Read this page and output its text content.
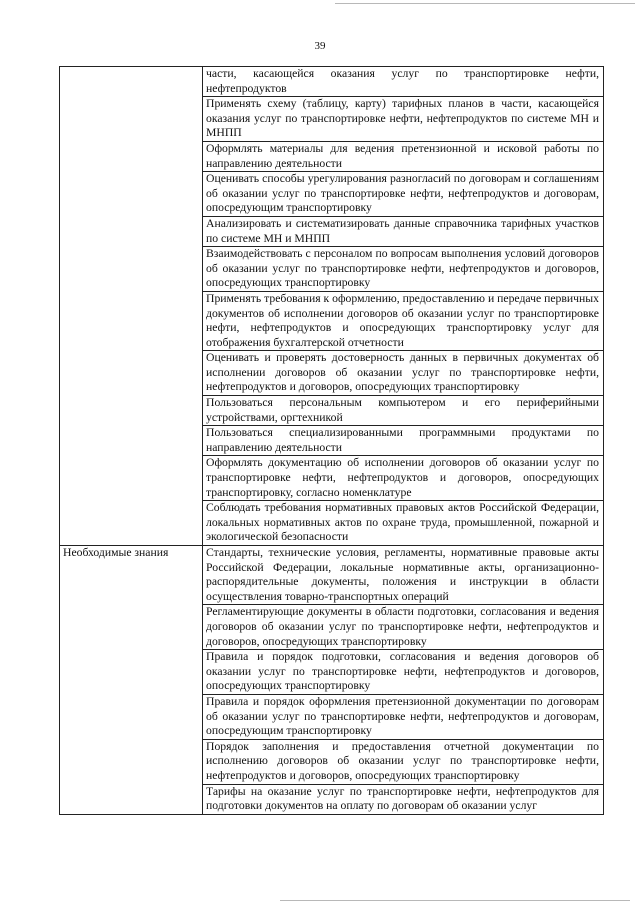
39

	части, касающейся оказания услуг по транспортировке нефти, нефтепродуктов

	Применять схему (таблицу, карту) тарифных планов в части, касающейся оказания услуг по транспортировке нефти, нефтепродуктов по системе МН и МНПП

	Оформлять материалы для ведения претензионной и исковой работы по направлению деятельности

	Оценивать способы урегулирования разногласий по договорам и соглашениям об оказании услуг по транспортировке нефти, нефтепродуктов и договорам, опосредующим транспортировку

	Анализировать и систематизировать данные справочника тарифных участков по системе МН и МНПП

	Взаимодействовать с персоналом по вопросам выполнения условий договоров об оказании услуг по транспортировке нефти, нефтепродуктов и договоров, опосредующих транспортировку

	Применять требования к оформлению, предоставлению и передаче первичных документов об исполнении договоров об оказании услуг по транспортировке нефти, нефтепродуктов и опосредующих транспортировку услуг для отображения бухгалтерской отчетности

	Оценивать и проверять достоверность данных в первичных документах об исполнении договоров об оказании услуг по транспортировке нефти, нефтепродуктов и договоров, опосредующих транспортировку

	Пользоваться персональным компьютером и его периферийными устройствами, оргтехникой

	Пользоваться специализированными программными продуктами по направлению деятельности

	Оформлять документацию об исполнении договоров об оказании услуг по транспортировке нефти, нефтепродуктов и договоров, опосредующих транспортировку, согласно номенклатуре

	Соблюдать требования нормативных правовых актов Российской Федерации, локальных нормативных актов по охране труда, промышленной, пожарной и экологической безопасности

Необходимые знания	Стандарты, технические условия, регламенты, нормативные правовые акты Российской Федерации, локальные нормативные акты, организационно-распорядительные документы, положения и инструкции в области осуществления товарно-транспортных операций

	Регламентирующие документы в области подготовки, согласования и ведения договоров об оказании услуг по транспортировке нефти, нефтепродуктов и договоров, опосредующих транспортировку

	Правила и порядок подготовки, согласования и ведения договоров об оказании услуг по транспортировке нефти, нефтепродуктов и договоров, опосредующих транспортировку

	Правила и порядок оформления претензионной документации по договорам об оказании услуг по транспортировке нефти, нефтепродуктов и договорам, опосредующим транспортировку

	Порядок заполнения и предоставления отчетной документации по исполнению договоров об оказании услуг по транспортировке нефти, нефтепродуктов и договоров, опосредующих транспортировку

	Тарифы на оказание услуг по транспортировке нефти, нефтепродуктов для подготовки документов на оплату по договорам об оказании услуг
